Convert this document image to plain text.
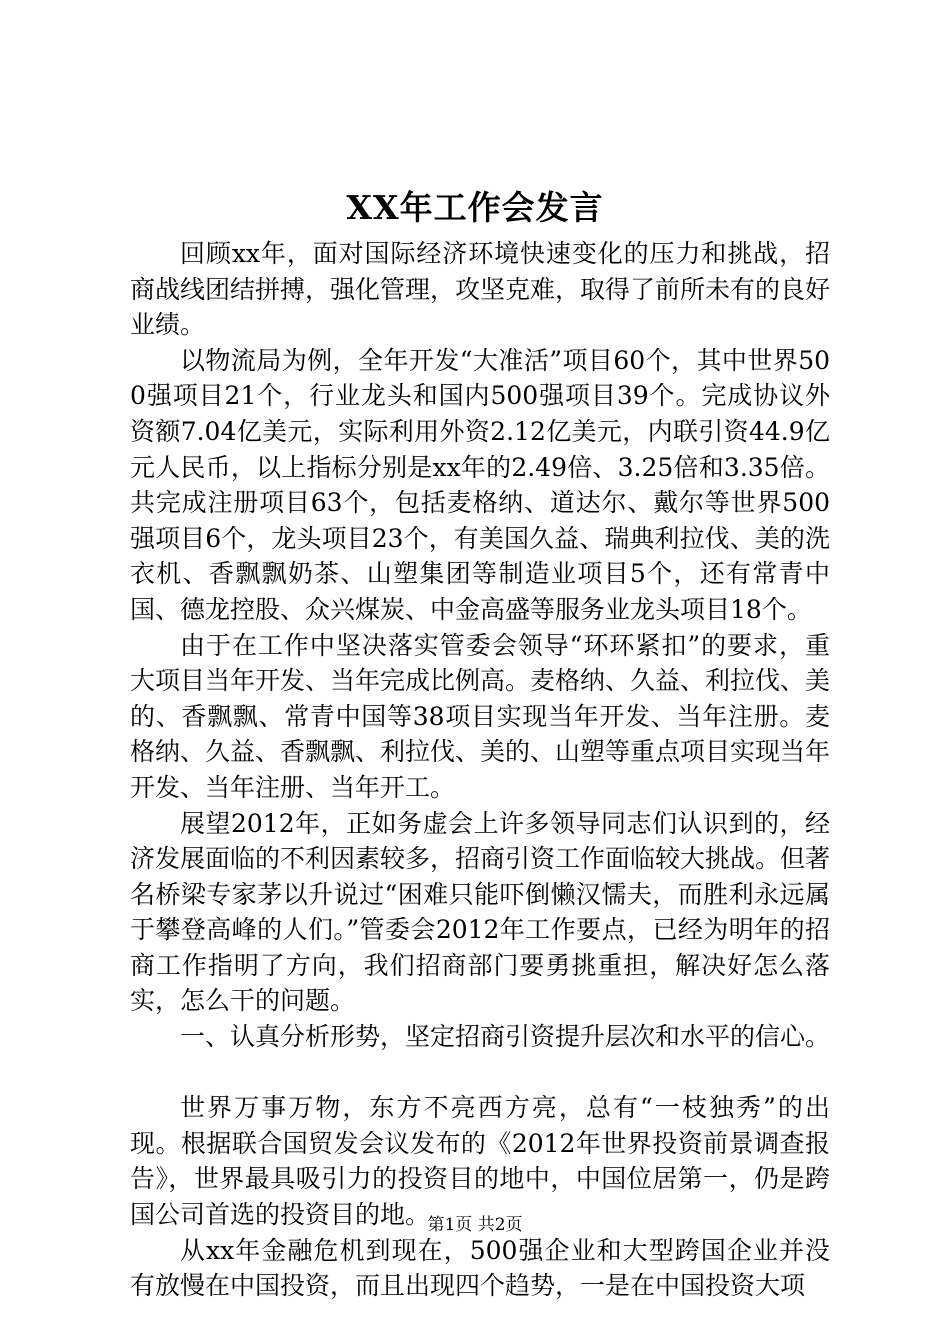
XX年工作会发言

回顾xx年，面对国际经济环境快速变化的压力和挑战，招商战线团结拼搏，强化管理，攻坚克难，取得了前所未有的良好业绩。

以物流局为例，全年开发“大准活”项目60个，其中世界500强项目21个，行业龙头和国内500强项目39个。完成协议外资额7.04亿美元，实际利用外资2.12亿美元，内联引资44.9亿元人民币，以上指标分别是xx年的2.49倍、3.25倍和3.35倍。共完成注册项目63个，包括麦格纳、道达尔、戴尔等世界500强项目6个，龙头项目23个，有美国久益、瑞典利拉伐、美的洗衣机、香飘飘奶茶、山塑集团等制造业项目5个，还有常青中国、德龙控股、众兴煤炭、中金高盛等服务业龙头项目18个。

由于在工作中坚决落实管委会领导“环环紧扣”的要求，重大项目当年开发、当年完成比例高。麦格纳、久益、利拉伐、美的、香飘飘、常青中国等38项目实现当年开发、当年注册。麦格纳、久益、香飘飘、利拉伐、美的、山塑等重点项目实现当年开发、当年注册、当年开工。

展望2012年，正如务虚会上许多领导同志们认识到的，经济发展面临的不利因素较多，招商引资工作面临较大挑战。但著名桥梁专家茅以升说过“困难只能吓倒懒汉懦夫，而胜利永远属于攀登高峰的人们。”管委会2012年工作要点，已经为明年的招商工作指明了方向，我们招商部门要勇挑重担，解决好怎么落实，怎么干的问题。

一、认真分析形势，坚定招商引资提升层次和水平的信心。

世界万事万物，东方不亮西方亮，总有“一枝独秀”的出现。根据联合国贸发会议发布的《2012年世界投资前景调查报告》，世界最具吸引力的投资目的地中，中国位居第一，仍是跨国公司首选的投资目的地。

从xx年金融危机到现在，500强企业和大型跨国企业并没有放慢在中国投资，而且出现四个趋势，一是在中国投资大项

第1页 共2页
